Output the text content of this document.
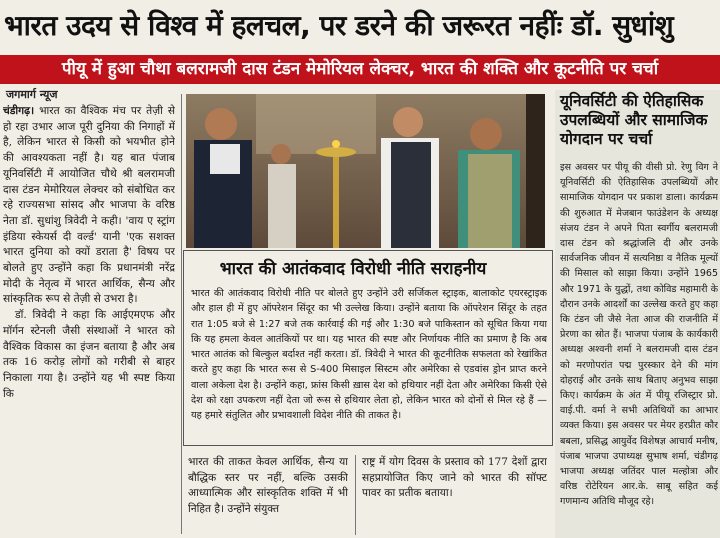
भारत उदय से विश्व में हलचल, पर डरने की जरूरत नहींः डॉ. सुधांशु
पीयू में हुआ चौथा बलरामजी दास टंडन मेमोरियल लेक्चर, भारत की शक्ति और कूटनीति पर चर्चा
जगमार्ग न्यूज

चंडीगढ़। भारत का वैश्विक मंच पर तेज़ी से हो रहा उभार आज पूरी दुनिया की निगाहों में है, लेकिन भारत से किसी को भयभीत होने की आवश्यकता नहीं है। यह बात पंजाब यूनिवर्सिटी में आयोजित चौथे श्री बलरामजी दास टंडन मेमोरियल लेक्चर को संबोधित कर रहे राज्यसभा सांसद और भाजपा के वरिष्ठ नेता डॉ. सुधांशु त्रिवेदी ने कही। 'वाय ए स्ट्रांग इंडिया स्केयर्स दी वर्ल्ड' यानी 'एक सशक्त भारत दुनिया को क्यों डराता है' विषय पर बोलते हुए उन्होंने कहा कि प्रधानमंत्री नरेंद्र मोदी के नेतृत्व में भारत आर्थिक, सैन्य और सांस्कृतिक रूप से तेज़ी से उभरा है।

डॉ. त्रिवेदी ने कहा कि आईएमएफ और मॉर्गन स्टेनली जैसी संस्थाओं ने भारत को वैश्विक विकास का इंजन बताया है और अब तक 16 करोड़ लोगों को गरीबी से बाहर निकाला गया है। उन्होंने यह भी स्पष्ट किया कि

भारत की आतंकवाद विरोधी नीति सराहनीय
भारत की आतंकवाद विरोधी नीति पर बोलते हुए उन्होंने उरी सर्जिकल स्ट्राइक, बालाकोट एयरस्ट्राइक और हाल ही में हुए ऑपरेशन सिंदूर का भी उल्लेख किया। उन्होंने बताया कि ऑपरेशन सिंदूर के तहत रात 1:05 बजे से 1:27 बजे तक कार्रवाई की गई और 1:30 बजे पाकिस्तान को सूचित किया गया कि यह हमला केवल आतंकियों पर था। यह भारत की स्पष्ट और निर्णायक नीति का प्रमाण है कि अब भारत आतंक को बिल्कुल बर्दाश्त नहीं करता। डॉ. त्रिवेदी ने भारत की कूटनीतिक सफलता को रेखांकित करते हुए कहा कि भारत रूस से S-400 मिसाइल सिस्टम और अमेरिका से एडवांस ड्रोन प्राप्त करने वाला अकेला देश है। उन्होंने कहा, फ्रांस किसी ख़ास देश को हथियार नहीं देता और अमेरिका किसी ऐसे देश को रक्षा उपकरण नहीं देता जो रूस से हथियार लेता हो, लेकिन भारत को दोनों से मिल रहे हैं — यह हमारे संतुलित और प्रभावशाली विदेश नीति की ताकत है।
भारत की ताकत केवल आर्थिक, सैन्य या बौद्धिक स्तर पर नहीं, बल्कि उसकी आध्यात्मिक और सांस्कृतिक शक्ति में भी निहित है। उन्होंने संयुक्त
राष्ट्र में योग दिवस के प्रस्ताव को 177 देशों द्वारा सहप्रायोजित किए जाने को भारत की सॉफ्ट पावर का प्रतीक बताया।
यूनिवर्सिटी की ऐतिहासिक उपलब्धियों और सामाजिक योगदान पर चर्चा
इस अवसर पर पीयू की वीसी प्रो. रेणु विग ने यूनिवर्सिटी की ऐतिहासिक उपलब्धियों और सामाजिक योगदान पर प्रकाश डाला। कार्यक्रम की शुरुआत में मेजबान फाउंडेशन के अध्यक्ष संजय टंडन ने अपने पिता स्वर्गीय बलरामजी दास टंडन को श्रद्धांजलि दी और उनके सार्वजनिक जीवन में सत्यनिष्ठा व नैतिक मूल्यों की मिसाल को साझा किया। उन्होंने 1965 और 1971 के युद्धों, तथा कोविड महामारी के दौरान उनके आदर्शों का उल्लेख करते हुए कहा कि टंडन जी जैसे नेता आज की राजनीति में प्रेरणा का स्रोत हैं। भाजपा पंजाब के कार्यकारी अध्यक्ष अश्वनी शर्मा ने बलरामजी दास टंडन को मरणोपरांत पद्म पुरस्कार देने की मांग दोहराई और उनके साथ बिताए अनुभव साझा किए। कार्यक्रम के अंत में पीयू रजिस्ट्रार प्रो. वाई.पी. वर्मा ने सभी अतिथियों का आभार व्यक्त किया। इस अवसर पर मेयर हरप्रीत कौर बबला, प्रसिद्ध आयुर्वेद विशेषज्ञ आचार्य मनीष, पंजाब भाजपा उपाध्यक्ष सुभाष शर्मा, चंडीगढ़ भाजपा अध्यक्ष जतिंदर पाल मल्होत्रा और वरिष्ठ रोटेरियन आर.के. साबू सहित कई गणमान्य अतिथि मौजूद रहे।
